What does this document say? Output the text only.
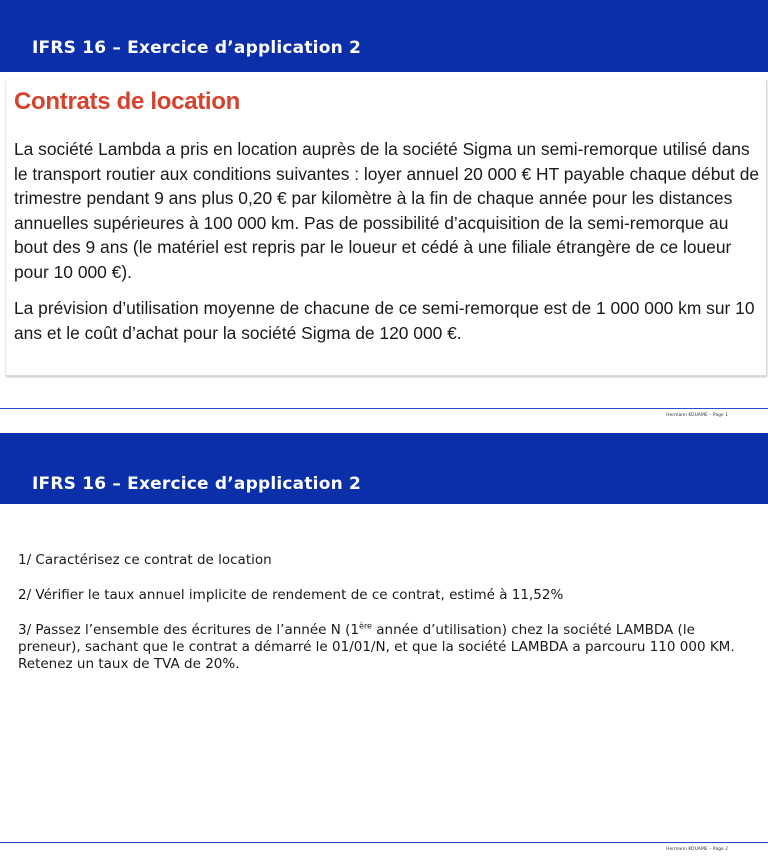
IFRS 16 – Exercice d’application 2
Contrats de location

La société Lambda a pris en location auprès de la société Sigma un semi-remorque utilisé dans le transport routier aux conditions suivantes : loyer annuel 20 000 € HT payable chaque début de trimestre pendant 9 ans plus 0,20 € par kilomètre à la fin de chaque année pour les distances annuelles supérieures à 100 000 km. Pas de possibilité d’acquisition de la semi-remorque au bout des 9 ans (le matériel est repris par le loueur et cédé à une filiale étrangère de ce loueur pour 10 000 €).

La prévision d’utilisation moyenne de chacune de ce semi-remorque est de 1 000 000 km sur 10 ans et le coût d’achat pour la société Sigma de 120 000 €.

Hermann KOUAME – Page 1
IFRS 16 – Exercice d’application 2

1/ Caractérisez ce contrat de location

2/ Vérifier le taux annuel implicite de rendement de ce contrat, estimé à 11,52%

3/ Passez l’ensemble des écritures de l’année N (1ère année d’utilisation) chez la société LAMBDA (le preneur), sachant que le contrat a démarré le 01/01/N, et que la société LAMBDA a parcouru 110 000 KM. Retenez un taux de TVA de 20%.

Hermann KOUAME – Page 2
